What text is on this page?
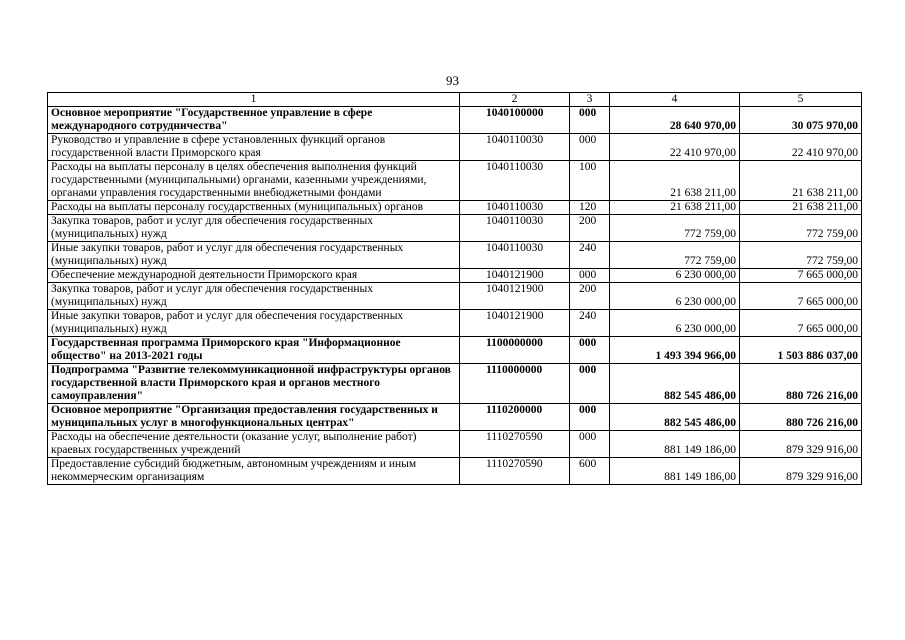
93
1	2	3	4	5
Основное мероприятие "Государственное управление в сфере международного сотрудничества"	1040100000	000	28 640 970,00	30 075 970,00
Руководство и управление в сфере установленных функций органов государственной власти Приморского края	1040110030	000	22 410 970,00	22 410 970,00
Расходы на выплаты персоналу в целях обеспечения выполнения функций государственными (муниципальными) органами, казенными учреждениями, органами управления государственными внебюджетными фондами	1040110030	100	21 638 211,00	21 638 211,00
Расходы на выплаты персоналу государственных (муниципальных) органов	1040110030	120	21 638 211,00	21 638 211,00
Закупка товаров, работ и услуг для обеспечения государственных (муниципальных) нужд	1040110030	200	772 759,00	772 759,00
Иные закупки товаров, работ и услуг для обеспечения государственных (муниципальных) нужд	1040110030	240	772 759,00	772 759,00
Обеспечение международной деятельности Приморского края	1040121900	000	6 230 000,00	7 665 000,00
Закупка товаров, работ и услуг для обеспечения государственных (муниципальных) нужд	1040121900	200	6 230 000,00	7 665 000,00
Иные закупки товаров, работ и услуг для обеспечения государственных (муниципальных) нужд	1040121900	240	6 230 000,00	7 665 000,00
Государственная программа Приморского края "Информационное общество" на 2013-2021 годы	1100000000	000	1 493 394 966,00	1 503 886 037,00
Подпрограмма "Развитие телекоммуникационной инфраструктуры органов государственной власти Приморского края и органов местного самоуправления"	1110000000	000	882 545 486,00	880 726 216,00
Основное мероприятие "Организация предоставления государственных и муниципальных услуг в многофункциональных центрах"	1110200000	000	882 545 486,00	880 726 216,00
Расходы на обеспечение деятельности (оказание услуг, выполнение работ) краевых государственных учреждений	1110270590	000	881 149 186,00	879 329 916,00
Предоставление субсидий бюджетным, автономным учреждениям и иным некоммерческим организациям	1110270590	600	881 149 186,00	879 329 916,00
